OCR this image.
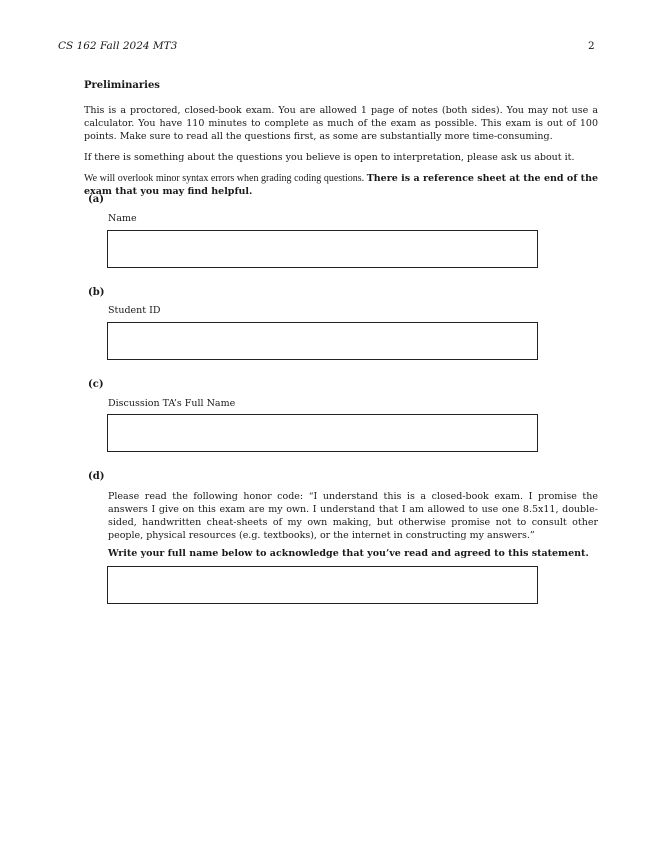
CS 162 Fall 2024 MT3	2
Preliminaries

This is a proctored, closed-book exam. You are allowed 1 page of notes (both sides). You may not use a calculator. You have 110 minutes to complete as much of the exam as possible. This exam is out of 100 points. Make sure to read all the questions first, as some are substantially more time-consuming.

If there is something about the questions you believe is open to interpretation, please ask us about it.

We will overlook minor syntax errors when grading coding questions. There is a reference sheet at the end of the exam that you may find helpful.

(a)
Name
(b)
Student ID
(c)
Discussion TA’s Full Name
(d)
Please read the following honor code: “I understand this is a closed-book exam. I promise the answers I give on this exam are my own. I understand that I am allowed to use one 8.5x11, double-sided, handwritten cheat-sheets of my own making, but otherwise promise not to consult other people, physical resources (e.g. textbooks), or the internet in constructing my answers.”
Write your full name below to acknowledge that you’ve read and agreed to this statement.
